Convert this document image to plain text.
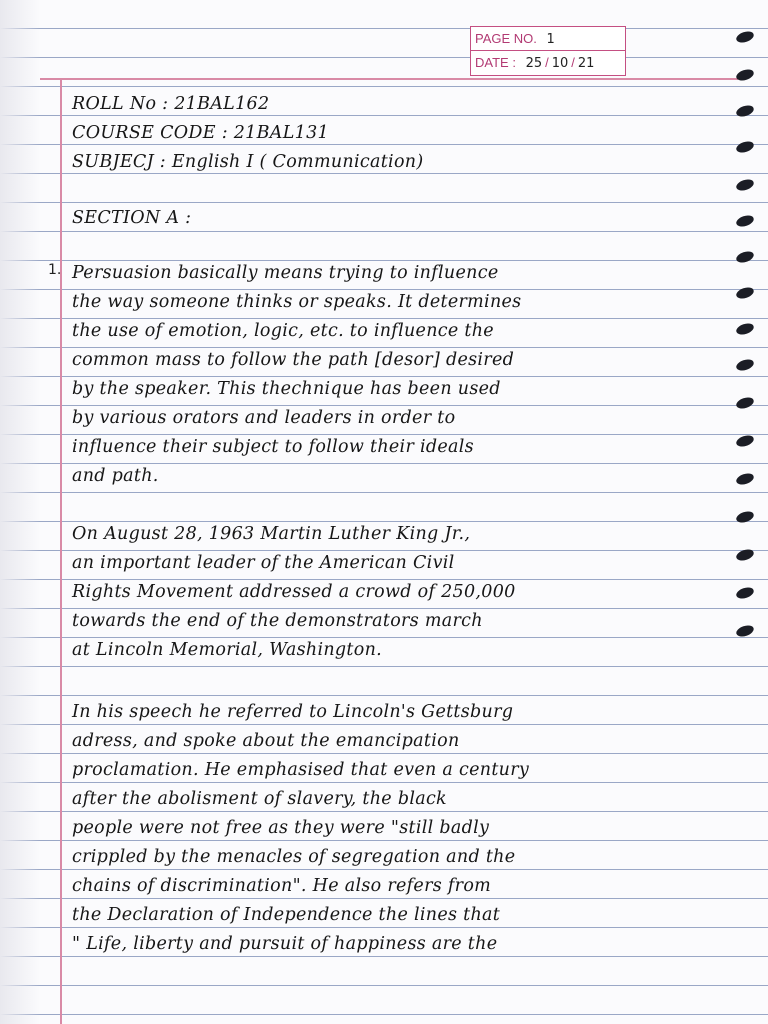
PAGE NO. 1
DATE : 25 / 10 / 21
1.
ROLL No : 21BAL162
COURSE CODE : 21BAL131
SUBJECJ : English I ( Communication)
SECTION A :
Persuasion basically means trying to influence
the way someone thinks or speaks. It determines
the use of emotion, logic, etc. to influence the
common mass to follow the path [desor] desired
by the speaker. This thechnique has been used
by various orators and leaders in order to
influence their subject to follow their ideals
and path.
On August 28, 1963 Martin Luther King Jr.,
an important leader of the American Civil
Rights Movement addressed a crowd of 250,000
towards the end of the demonstrators march
at Lincoln Memorial, Washington.
In his speech he referred to Lincoln's Gettsburg
adress, and spoke about the emancipation
proclamation. He emphasised that even a century
after the abolisment of slavery, the black
people were not free as they were "still badly
crippled by the menacles of segregation and the
chains of discrimination". He also refers from
the Declaration of Independence the lines that
" Life, liberty and pursuit of happiness are the
